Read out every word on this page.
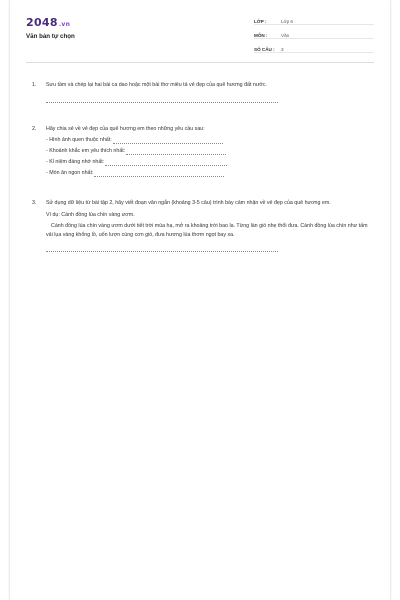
2048.vn
Văn bản tự chọn
LỚP :	Lớp 6
MÔN :	Văn
SỐ CÂU :	3
1.	Sưu tầm và chép lại hai bài ca dao hoặc một bài thơ miêu tả vẻ đẹp của quê hương đất nước.
2.	Hãy chia sẻ về vẻ đẹp của quê hương em theo những yêu cầu sau:
- Hình ảnh quen thuộc nhất:
- Khoảnh khắc em yêu thích nhất:
- Kỉ niệm đáng nhớ nhất:
- Món ăn ngon nhất:
3.	Sử dụng dữ liệu từ bài tập 2, hãy viết đoạn văn ngắn (khoảng 3-5 câu) trình bày cảm nhận về vẻ đẹp của quê hương em.
Ví dụ: Cánh đồng lúa chín vàng ươm.
Cánh đồng lúa chín vàng ươm dưới tiết trời mùa hạ, mở ra khoảng trời bao la. Từng làn gió nhẹ thổi đưa. Cánh đồng lúa chín như tấm vải lụa vàng khổng lồ, uốn lượn cùng cơn gió, đưa hương lúa thơm ngọt bay xa.
